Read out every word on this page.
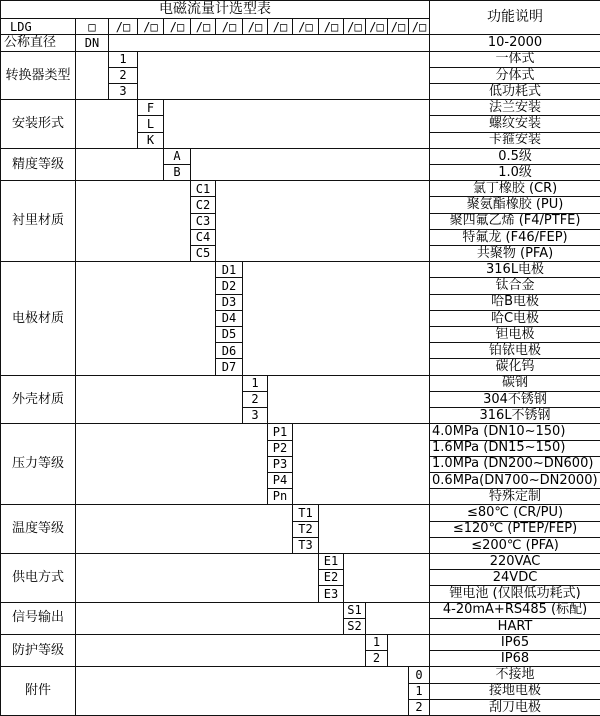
电磁流量计选型表															功能说明
LDG	□	/□	/□	/□	/□	/□	/□	/□	/□	/□	/□	/□	/□	/□	
公称直径	DN														10-2000
转换器类型		1													一体式
		2													分体式
		3													低功耗式
安装形式			F												法兰安装
			L												螺纹安装
			K												卡箍安装
精度等级				A											0.5级
				B											1.0级
衬里材质					C1										氯丁橡胶 (CR)
					C2										聚氨酯橡胶 (PU)
					C3										聚四氟乙烯 (F4/PTFE)
					C4										特氟龙 (F46/FEP)
					C5										共聚物 (PFA)
电极材质						D1									316L电极
						D2									钛合金
						D3									哈B电极
						D4									哈C电极
						D5									钽电极
						D6									铂铱电极
						D7									碳化钨
外壳材质							1								碳钢
							2								304不锈钢
							3								316L不锈钢
压力等级								P1							4.0MPa (DN10~150)
								P2							1.6MPa (DN15~150)
								P3							1.0MPa (DN200~DN600)
								P4							0.6MPa(DN700~DN2000)
								Pn							特殊定制
温度等级									T1						≤80℃ (CR/PU)
									T2						≤120℃ (PTEP/FEP)
									T3						≤200℃ (PFA)
供电方式										E1					220VAC
										E2					24VDC
										E3					锂电池 (仅限低功耗式)
信号输出											S1				4-20mA+RS485 (标配)
											S2				HART
防护等级												1			IP65
												2			IP68
附件														0	不接地
														1	接地电极
														2	刮刀电极
